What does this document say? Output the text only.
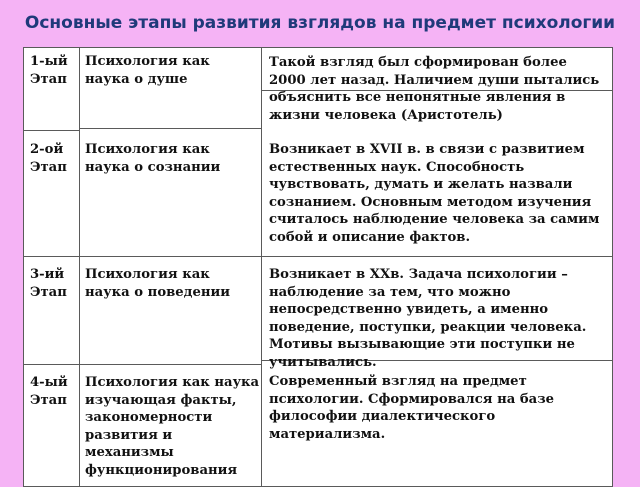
Основные этапы развития взглядов на предмет психологии
1-ый Этап
Психология как наука о душе
Такой взгляд был сформирован более 2000 лет назад. Наличием души пытались объяснить все непонятные явления в жизни человека (Аристотель)
2-ой Этап
Психология как наука о сознании
Возникает в XVII в. в связи с развитием естественных наук. Способность чувствовать, думать и желать назвали сознанием. Основным методом изучения считалось наблюдение человека за самим собой и описание фактов.
3-ий Этап
Психология как наука о поведении
Возникает в ХХв. Задача психологии – наблюдение за тем, что можно непосредственно увидеть, а именно поведение, поступки, реакции человека. Мотивы вызывающие эти поступки не учитывались.
4-ый Этап
Психология как наука изучающая факты, закономерности развития и механизмы функционирования
Современный взгляд на предмет психологии. Сформировался на базе философии диалектического материализма.
